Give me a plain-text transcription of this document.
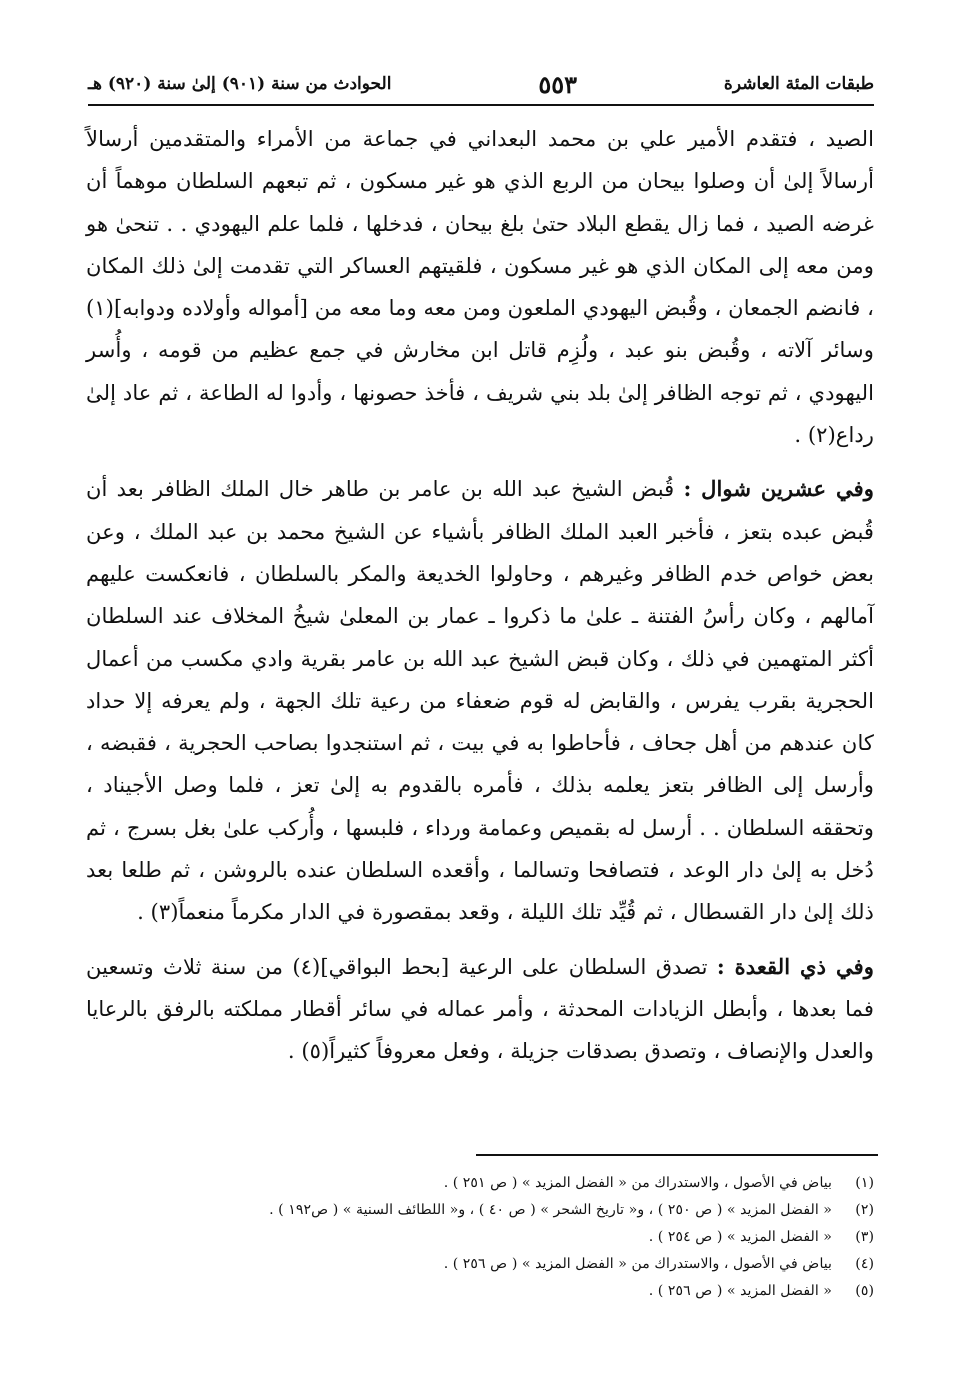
طبقات المئة العاشرة
٥٥٣
الحوادث من سنة (٩٠١) إلىٰ سنة (٩٢٠) هـ

الصيد ، فتقدم الأمير علي بن محمد البعداني في جماعة من الأمراء والمتقدمين أرسالاً أرسالاً إلىٰ أن وصلوا بيحان من الربع الذي هو غير مسكون ، ثم تبعهم السلطان موهماً أن غرضه الصيد ، فما زال يقطع البلاد حتىٰ بلغ بيحان ، فدخلها ، فلما علم اليهودي . . تنحىٰ هو ومن معه إلى المكان الذي هو غير مسكون ، فلقيتهم العساكر التي تقدمت إلىٰ ذلك المكان ، فانضم الجمعان ، وقُبض اليهودي الملعون ومن معه وما معه من [أمواله وأولاده ودوابه](١) وسائر آلاته ، وقُبض بنو عبد ، ولُزِم قاتل ابن مخارش في جمع عظيم من قومه ، وأُسر اليهودي ، ثم توجه الظافر إلىٰ بلد بني شريف ، فأخذ حصونها ، وأدوا له الطاعة ، ثم عاد إلىٰ رداع(٢) .

وفي عشرين شوال : قُبض الشيخ عبد الله بن عامر بن طاهر خال الملك الظافر بعد أن قُبض عبده بتعز ، فأخبر العبد الملك الظافر بأشياء عن الشيخ محمد بن عبد الملك ، وعن بعض خواص خدم الظافر وغيرهم ، وحاولوا الخديعة والمكر بالسلطان ، فانعكست عليهم آمالهم ، وكان رأسُ الفتنة ـ علىٰ ما ذكروا ـ عمار بن المعلىٰ شيخُ المخلاف عند السلطان أكثر المتهمين في ذلك ، وكان قبض الشيخ عبد الله بن عامر بقرية وادي مكسب من أعمال الحجرية بقرب يفرس ، والقابض له قوم ضعفاء من رعية تلك الجهة ، ولم يعرفه إلا حداد كان عندهم من أهل جحاف ، فأحاطوا به في بيت ، ثم استنجدوا بصاحب الحجرية ، فقبضه ، وأرسل إلى الظافر بتعز يعلمه بذلك ، فأمره بالقدوم به إلىٰ تعز ، فلما وصل الأجيناد ، وتحققه السلطان . . أرسل له بقميص وعمامة ورداء ، فلبسها ، وأُركب علىٰ بغل بسرج ، ثم دُخل به إلىٰ دار الوعد ، فتصافحا وتسالما ، وأقعده السلطان عنده بالروشن ، ثم طلعا بعد ذلك إلىٰ دار القسطال ، ثم قُيِّد تلك الليلة ، وقعد بمقصورة في الدار مكرماً منعماً(٣) .

وفي ذي القعدة : تصدق السلطان على الرعية [بحط البواقي](٤) من سنة ثلاث وتسعين فما بعدها ، وأبطل الزيادات المحدثة ، وأمر عماله في سائر أقطار مملكته بالرفق بالرعايا والعدل والإنصاف ، وتصدق بصدقات جزيلة ، وفعل معروفاً كثيراً(٥) .

(١)
بياض في الأصول ، والاستدراك من « الفضل المزيد » ( ص ٢٥١ ) .
(٢)
« الفضل المزيد » ( ص ٢٥٠ ) ، و« تاريخ الشحر » ( ص ٤٠ ) ، و« اللطائف السنية » ( ص١٩٢ ) .
(٣)
« الفضل المزيد » ( ص ٢٥٤ ) .
(٤)
بياض في الأصول ، والاستدراك من « الفضل المزيد » ( ص ٢٥٦ ) .
(٥)
« الفضل المزيد » ( ص ٢٥٦ ) .
